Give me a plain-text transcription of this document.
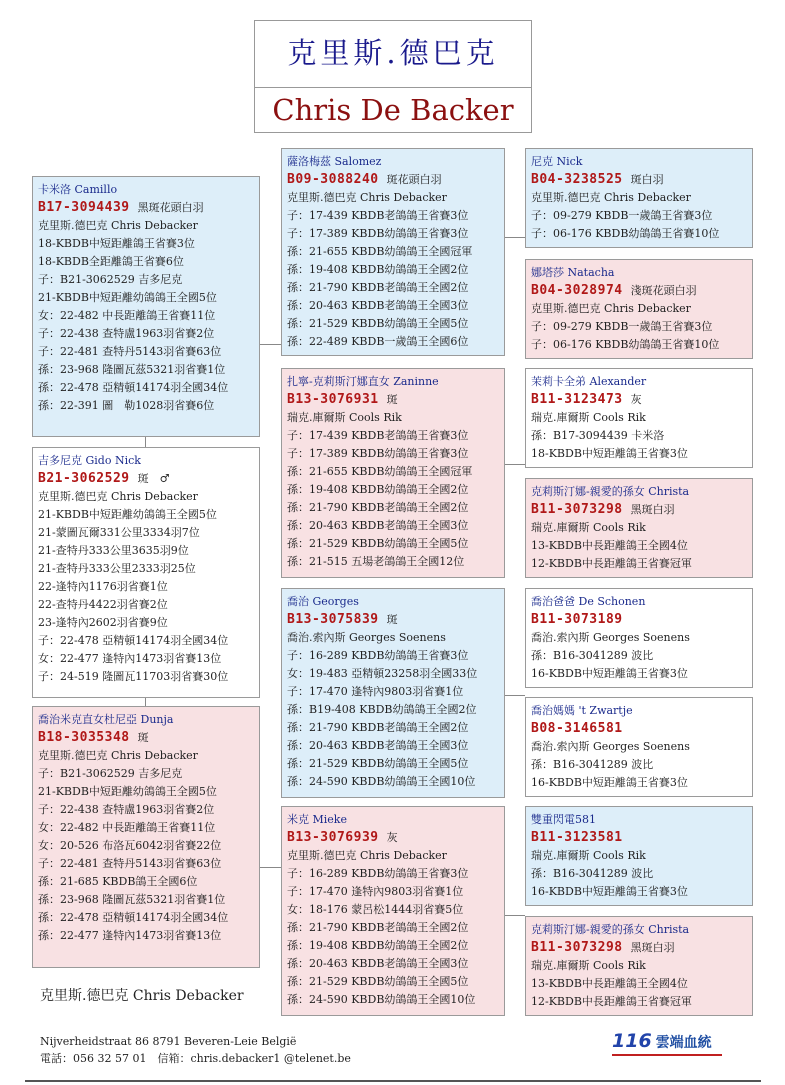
克里斯.德巴克
Chris De Backer
卡米洛 Camillo
B17-3094439 黑斑花頭白羽
克里斯.德巴克 Chris Debacker
18-KBDB中短距離鴿王省賽3位
18-KBDB全距離鴿王省賽6位
子：B21-3062529 吉多尼克
21-KBDB中短距離幼鴿鴿王全國5位
女：22-482 中長距離鴿王省賽11位
子：22-438 查特盧1963羽省賽2位
子：22-481 查特丹5143羽省賽63位
孫：23-968 隆圖瓦茲5321羽省賽1位
孫：22-478 亞精頓14174羽全國34位
孫：22-391 圖　勒1028羽省賽6位
吉多尼克 Gido Nick
B21-3062529 斑　♂
克里斯.德巴克 Chris Debacker
21-KBDB中短距離幼鴿鴿王全國5位
21-蒙圖瓦爾331公里3334羽7位
21-查特丹333公里3635羽9位
21-查特丹333公里2333羽25位
22-逢特內1176羽省賽1位
22-查特丹4422羽省賽2位
23-逢特內2602羽省賽9位
子：22-478 亞精頓14174羽全國34位
女：22-477 逢特內1473羽省賽13位
子：24-519 隆圖瓦11703羽省賽30位
喬治米克直女杜尼亞 Dunja
B18-3035348 斑
克里斯.德巴克 Chris Debacker
子：B21-3062529 吉多尼克
21-KBDB中短距離幼鴿鴿王全國5位
子：22-438 查特盧1963羽省賽2位
女：22-482 中長距離鴿王省賽11位
女：20-526 布洛瓦6042羽省賽22位
子：22-481 查特丹5143羽省賽63位
孫：21-685 KBDB鴿王全國6位
孫：23-968 隆圖瓦茲5321羽省賽1位
孫：22-478 亞精頓14174羽全國34位
孫：22-477 逢特內1473羽省賽13位
薩洛梅茲 Salomez
B09-3088240 斑花頭白羽
克里斯.德巴克 Chris Debacker
子：17-439 KBDB老鴿鴿王省賽3位
子：17-389 KBDB幼鴿鴿王省賽3位
孫：21-655 KBDB幼鴿鴿王全國冠軍
孫：19-408 KBDB幼鴿鴿王全國2位
孫：21-790 KBDB老鴿鴿王全國2位
孫：20-463 KBDB老鴿鴿王全國3位
孫：21-529 KBDB幼鴿鴿王全國5位
孫：22-489 KBDB一歲鴿王全國6位
扎寧-克莉斯汀娜直女 Zaninne
B13-3076931 斑
瑞克.庫爾斯 Cools Rik
子：17-439 KBDB老鴿鴿王省賽3位
子：17-389 KBDB幼鴿鴿王省賽3位
孫：21-655 KBDB幼鴿鴿王全國冠軍
孫：19-408 KBDB幼鴿鴿王全國2位
孫：21-790 KBDB老鴿鴿王全國2位
孫：20-463 KBDB老鴿鴿王全國3位
孫：21-529 KBDB幼鴿鴿王全國5位
孫：21-515 五場老鴿鴿王全國12位
喬治 Georges
B13-3075839 斑
喬治.索內斯 Georges Soenens
子：16-289 KBDB幼鴿鴿王省賽3位
女：19-483 亞精頓23258羽全國33位
子：17-470 逢特內9803羽省賽1位
孫：B19-408 KBDB幼鴿鴿王全國2位
孫：21-790 KBDB老鴿鴿王全國2位
孫：20-463 KBDB老鴿鴿王全國3位
孫：21-529 KBDB幼鴿鴿王全國5位
孫：24-590 KBDB幼鴿鴿王全國10位
米克 Mieke
B13-3076939 灰
克里斯.德巴克 Chris Debacker
子：16-289 KBDB幼鴿鴿王省賽3位
子：17-470 逢特內9803羽省賽1位
女：18-176 蒙呂松1444羽省賽5位
孫：21-790 KBDB老鴿鴿王全國2位
孫：19-408 KBDB幼鴿鴿王全國2位
孫：20-463 KBDB老鴿鴿王全國3位
孫：21-529 KBDB幼鴿鴿王全國5位
孫：24-590 KBDB幼鴿鴿王全國10位
尼克 Nick
B04-3238525 斑白羽
克里斯.德巴克 Chris Debacker
子：09-279 KBDB一歲鴿王省賽3位
子：06-176 KBDB幼鴿鴿王省賽10位
娜塔莎 Natacha
B04-3028974 淺斑花頭白羽
克里斯.德巴克 Chris Debacker
子：09-279 KBDB一歲鴿王省賽3位
子：06-176 KBDB幼鴿鴿王省賽10位
茉莉卡全弟 Alexander
B11-3123473 灰
瑞克.庫爾斯 Cools Rik
孫：B17-3094439 卡米洛
18-KBDB中短距離鴿王省賽3位
克莉斯汀娜-親愛的孫女 Christa
B11-3073298 黑斑白羽
瑞克.庫爾斯 Cools Rik
13-KBDB中長距離鴿王全國4位
12-KBDB中長距離鴿王省賽冠軍
喬治爸爸 De Schonen
B11-3073189
喬治.索內斯 Georges Soenens
孫：B16-3041289 波比
16-KBDB中短距離鴿王省賽3位
喬治媽媽 't Zwartje
B08-3146581
喬治.索內斯 Georges Soenens
孫：B16-3041289 波比
16-KBDB中短距離鴿王省賽3位
雙重閃電581
B11-3123581
瑞克.庫爾斯 Cools Rik
孫：B16-3041289 波比
16-KBDB中短距離鴿王省賽3位
克莉斯汀娜-親愛的孫女 Christa
B11-3073298 黑斑白羽
瑞克.庫爾斯 Cools Rik
13-KBDB中長距離鴿王全國4位
12-KBDB中長距離鴿王省賽冠軍
克里斯.德巴克 Chris Debacker
Nijverheidstraat 86 8791 Beveren-Leie België
電話：056 32 57 01　信箱：chris.debacker1 @telenet.be
116 雲端血統
